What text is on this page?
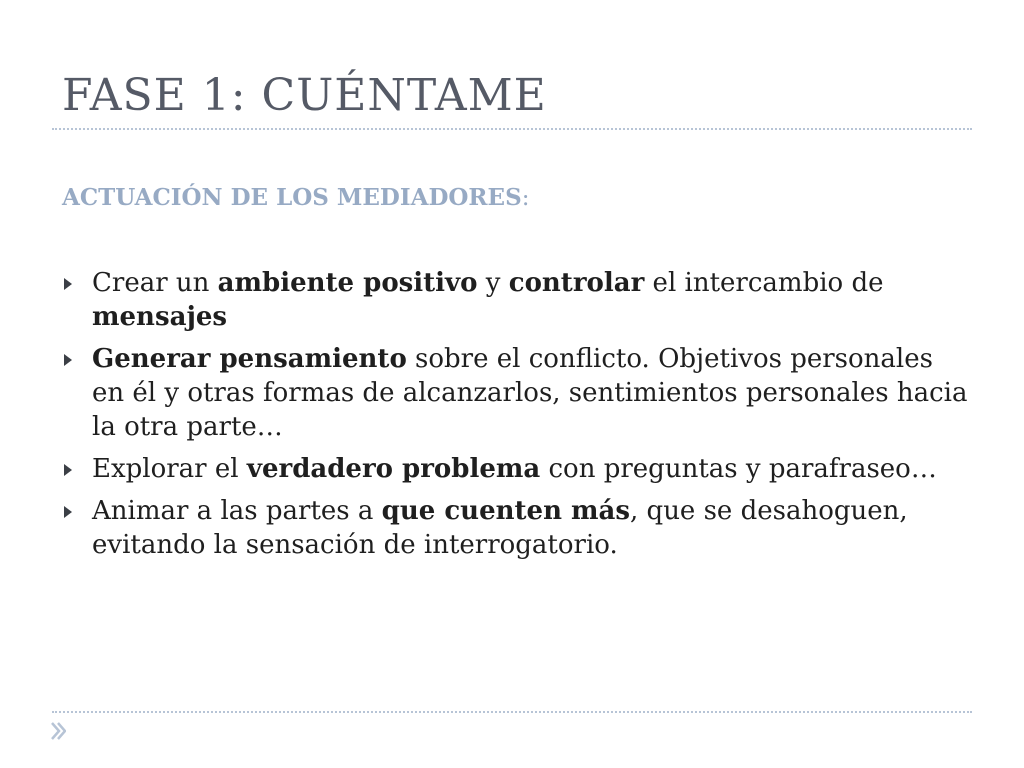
FASE 1: CUÉNTAME
ACTUACIÓN DE LOS MEDIADORES:
Crear un ambiente positivo y controlar el intercambio de mensajes
Generar pensamiento sobre el conflicto. Objetivos personales en él y otras formas de alcanzarlos, sentimientos personales hacia la otra parte…
Explorar el verdadero problema con preguntas y parafraseo…
Animar a las partes a que cuenten más, que se desahoguen, evitando la sensación de interrogatorio.
